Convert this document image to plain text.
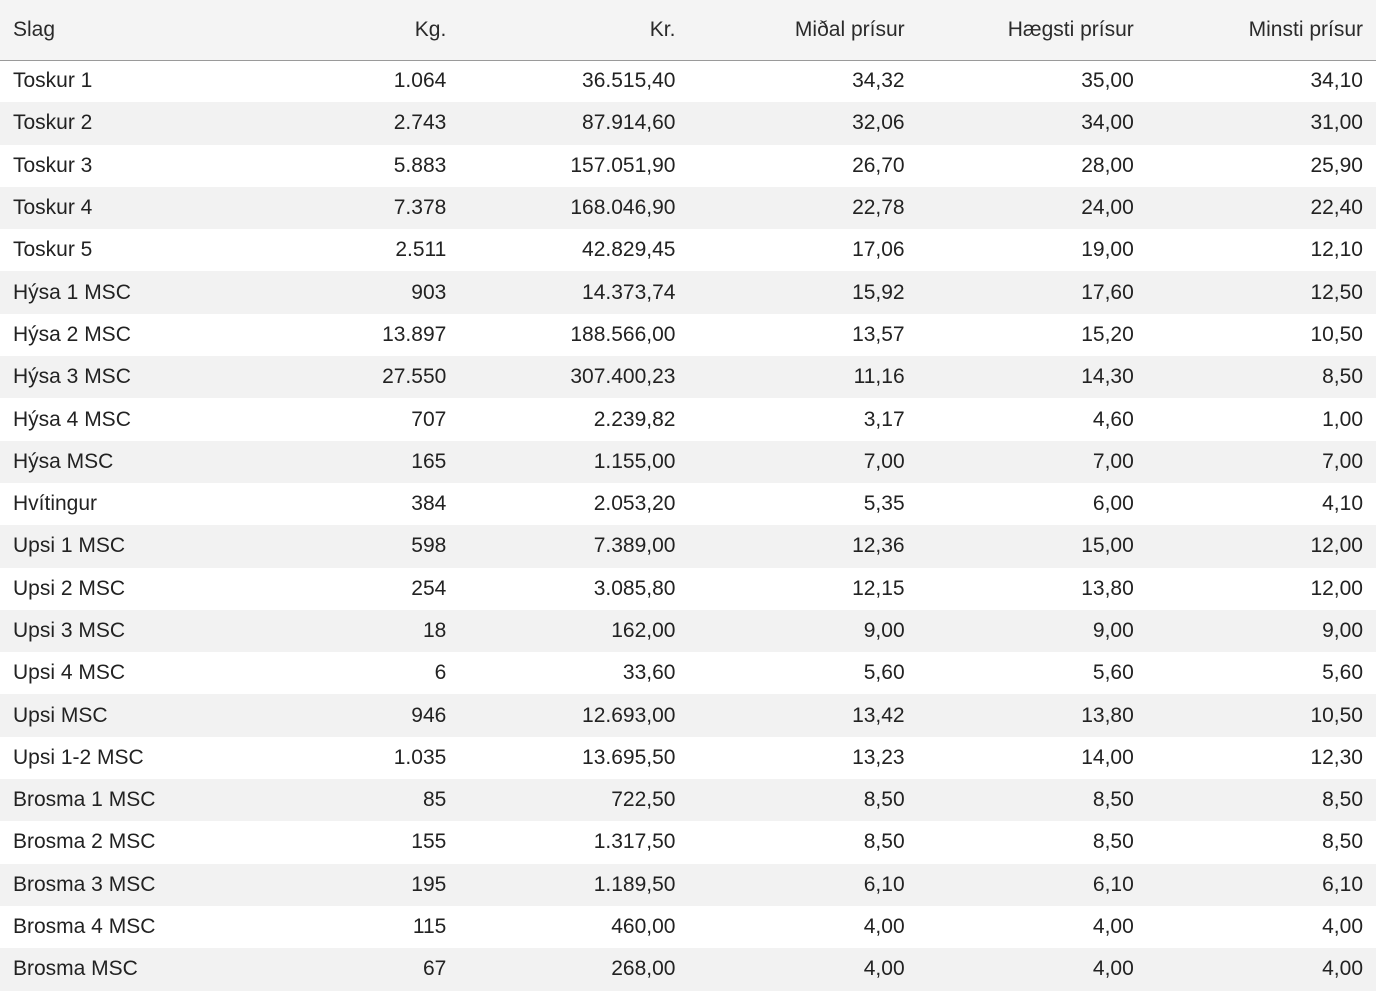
Slag	Kg.	Kr.	Miðal prísur	Hægsti prísur	Minsti prísur
Toskur 1	1.064	36.515,40	34,32	35,00	34,10
Toskur 2	2.743	87.914,60	32,06	34,00	31,00
Toskur 3	5.883	157.051,90	26,70	28,00	25,90
Toskur 4	7.378	168.046,90	22,78	24,00	22,40
Toskur 5	2.511	42.829,45	17,06	19,00	12,10
Hýsa 1 MSC	903	14.373,74	15,92	17,60	12,50
Hýsa 2 MSC	13.897	188.566,00	13,57	15,20	10,50
Hýsa 3 MSC	27.550	307.400,23	11,16	14,30	8,50
Hýsa 4 MSC	707	2.239,82	3,17	4,60	1,00
Hýsa MSC	165	1.155,00	7,00	7,00	7,00
Hvítingur	384	2.053,20	5,35	6,00	4,10
Upsi 1 MSC	598	7.389,00	12,36	15,00	12,00
Upsi 2 MSC	254	3.085,80	12,15	13,80	12,00
Upsi 3 MSC	18	162,00	9,00	9,00	9,00
Upsi 4 MSC	6	33,60	5,60	5,60	5,60
Upsi MSC	946	12.693,00	13,42	13,80	10,50
Upsi 1-2 MSC	1.035	13.695,50	13,23	14,00	12,30
Brosma 1 MSC	85	722,50	8,50	8,50	8,50
Brosma 2 MSC	155	1.317,50	8,50	8,50	8,50
Brosma 3 MSC	195	1.189,50	6,10	6,10	6,10
Brosma 4 MSC	115	460,00	4,00	4,00	4,00
Brosma MSC	67	268,00	4,00	4,00	4,00
